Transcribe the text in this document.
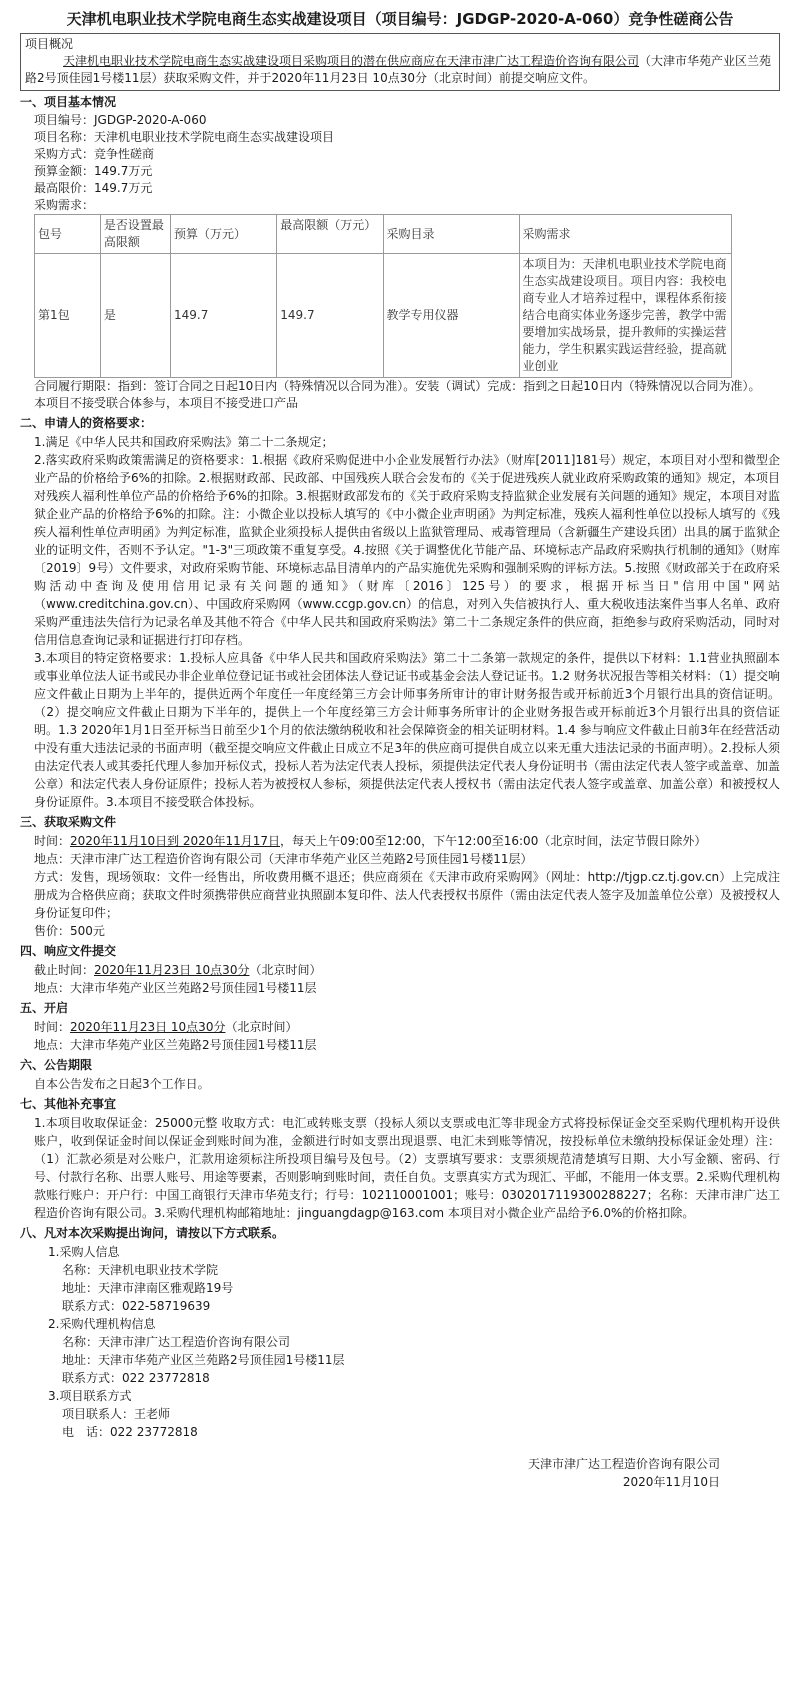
天津机电职业技术学院电商生态实战建设项目（项目编号：JGDGP-2020-A-060）竞争性磋商公告
项目概况
天津机电职业技术学院电商生态实战建设项目采购项目的潜在供应商应在天津市津广达工程造价咨询有限公司（大津市华苑产业区兰苑路2号顶佳园1号楼11层）获取采购文件，并于2020年11月23日 10点30分（北京时间）前提交响应文件。
一、项目基本情况
项目编号：JGDGP-2020-A-060
项目名称：天津机电职业技术学院电商生态实战建设项目
采购方式：竞争性磋商
预算金额：149.7万元
最高限价：149.7万元
采购需求：
包号	是否设置最高限额	预算（万元）	最高限额（万元）	采购目录	采购需求
第1包	是	149.7	149.7	教学专用仪器	本项目为：天津机电职业技术学院电商生态实战建设项目。项目内容：我校电商专业人才培养过程中，课程体系衔接结合电商实体业务逐步完善，教学中需要增加实战场景，提升教师的实操运营能力，学生积累实践运营经验，提高就业创业
合同履行期限：指到：签订合同之日起10日内（特殊情况以合同为准）。安装（调试）完成：指到之日起10日内（特殊情况以合同为准）。
本项目不接受联合体参与，本项目不接受进口产品
二、申请人的资格要求：
1.满足《中华人民共和国政府采购法》第二十二条规定；
2.落实政府采购政策需满足的资格要求：1.根据《政府采购促进中小企业发展暂行办法》（财库[2011]181号）规定，本项目对小型和微型企业产品的价格给予6%的扣除。2.根据财政部、民政部、中国残疾人联合会发布的《关于促进残疾人就业政府采购政策的通知》规定，本项目对残疾人福利性单位产品的价格给予6%的扣除。3.根据财政部发布的《关于政府采购支持监狱企业发展有关问题的通知》规定，本项目对监狱企业产品的价格给予6%的扣除。注：小微企业以投标人填写的《中小微企业声明函》为判定标准，残疾人福利性单位以投标人填写的《残疾人福利性单位声明函》为判定标准，监狱企业须投标人提供由省级以上监狱管理局、戒毒管理局（含新疆生产建设兵团）出具的属于监狱企业的证明文件，否则不予认定。"1-3"三项政策不重复享受。4.按照《关于调整优化节能产品、环境标志产品政府采购执行机制的通知》（财库〔2019〕9号）文件要求，对政府采购节能、环境标志品目清单内的产品实施优先采购和强制采购的评标方法。5.按照《财政部关于在政府采购活动中查询及使用信用记录有关问题的通知》（财库〔2016〕125号）的要求，根据开标当日"信用中国"网站（www.creditchina.gov.cn）、中国政府采购网（www.ccgp.gov.cn）的信息，对列入失信被执行人、重大税收违法案件当事人名单、政府采购严重违法失信行为记录名单及其他不符合《中华人民共和国政府采购法》第二十二条规定条件的供应商，拒绝参与政府采购活动，同时对信用信息查询记录和证据进行打印存档。
3.本项目的特定资格要求：1.投标人应具备《中华人民共和国政府采购法》第二十二条第一款规定的条件，提供以下材料：1.1营业执照副本或事业单位法人证书或民办非企业单位登记证书或社会团体法人登记证书或基金会法人登记证书。1.2 财务状况报告等相关材料：（1）提交响应文件截止日期为上半年的，提供近两个年度任一年度经第三方会计师事务所审计的审计财务报告或开标前近3个月银行出具的资信证明。（2）提交响应文件截止日期为下半年的，提供上一个年度经第三方会计师事务所审计的企业财务报告或开标前近3个月银行出具的资信证明。1.3 2020年1月1日至开标当日前至少1个月的依法缴纳税收和社会保障资金的相关证明材料。1.4 参与响应文件截止日前3年在经营活动中没有重大违法记录的书面声明（截至提交响应文件截止日成立不足3年的供应商可提供自成立以来无重大违法记录的书面声明）。2.投标人须由法定代表人或其委托代理人参加开标仪式，投标人若为法定代表人投标，须提供法定代表人身份证明书（需由法定代表人签字或盖章、加盖公章）和法定代表人身份证原件；投标人若为被授权人参标，须提供法定代表人授权书（需由法定代表人签字或盖章、加盖公章）和被授权人身份证原件。3.本项目不接受联合体投标。
三、获取采购文件
时间：2020年11月10日到 2020年11月17日，每天上午09:00至12:00，下午12:00至16:00（北京时间，法定节假日除外）
地点：天津市津广达工程造价咨询有限公司（天津市华苑产业区兰苑路2号顶佳园1号楼11层）
方式：发售，现场领取：文件一经售出，所收费用概不退还；供应商须在《天津市政府采购网》（网址：http://tjgp.cz.tj.gov.cn）上完成注册成为合格供应商；获取文件时须携带供应商营业执照副本复印件、法人代表授权书原件（需由法定代表人签字及加盖单位公章）及被授权人身份证复印件；
售价：500元
四、响应文件提交
截止时间：2020年11月23日 10点30分（北京时间）
地点：大津市华苑产业区兰苑路2号顶佳园1号楼11层
五、开启
时间：2020年11月23日 10点30分（北京时间）
地点：大津市华苑产业区兰苑路2号顶佳园1号楼11层
六、公告期限
自本公告发布之日起3个工作日。
七、其他补充事宜
1.本项目收取保证金：25000元整 收取方式：电汇或转账支票（投标人须以支票或电汇等非现金方式将投标保证金交至采购代理机构开设供账户，收到保证金时间以保证金到账时间为准，金额进行时如支票出现退票、电汇未到账等情况，按投标单位未缴纳投标保证金处理）注：（1）汇款必须是对公账户，汇款用途须标注所投项目编号及包号。（2）支票填写要求：支票须规范清楚填写日期、大小写金额、密码、行号、付款行名称、出票人账号、用途等要素，否则影响到账时间，责任自负。支票真实方式为现汇、平邮，不能用一体支票。2.采购代理机构 款账行账户：开户行：中国工商银行天津市华苑支行；行号：102110001001；账号：0302017119300288227；名称：天津市津广达工程造价咨询有限公司。3.采购代理机构邮箱地址：jinguangdagp@163.com 本项目对小微企业产品给予6.0%的价格扣除。
八、凡对本次采购提出询问，请按以下方式联系。
1.采购人信息
名称：天津机电职业技术学院
地址：天津市津南区雅观路19号
联系方式：022-58719639
2.采购代理机构信息
名称：天津市津广达工程造价咨询有限公司
地址：天津市华苑产业区兰苑路2号顶佳园1号楼11层
联系方式：022 23772818
3.项目联系方式
项目联系人：王老师
电　话：022 23772818
天津市津广达工程造价咨询有限公司
2020年11月10日
